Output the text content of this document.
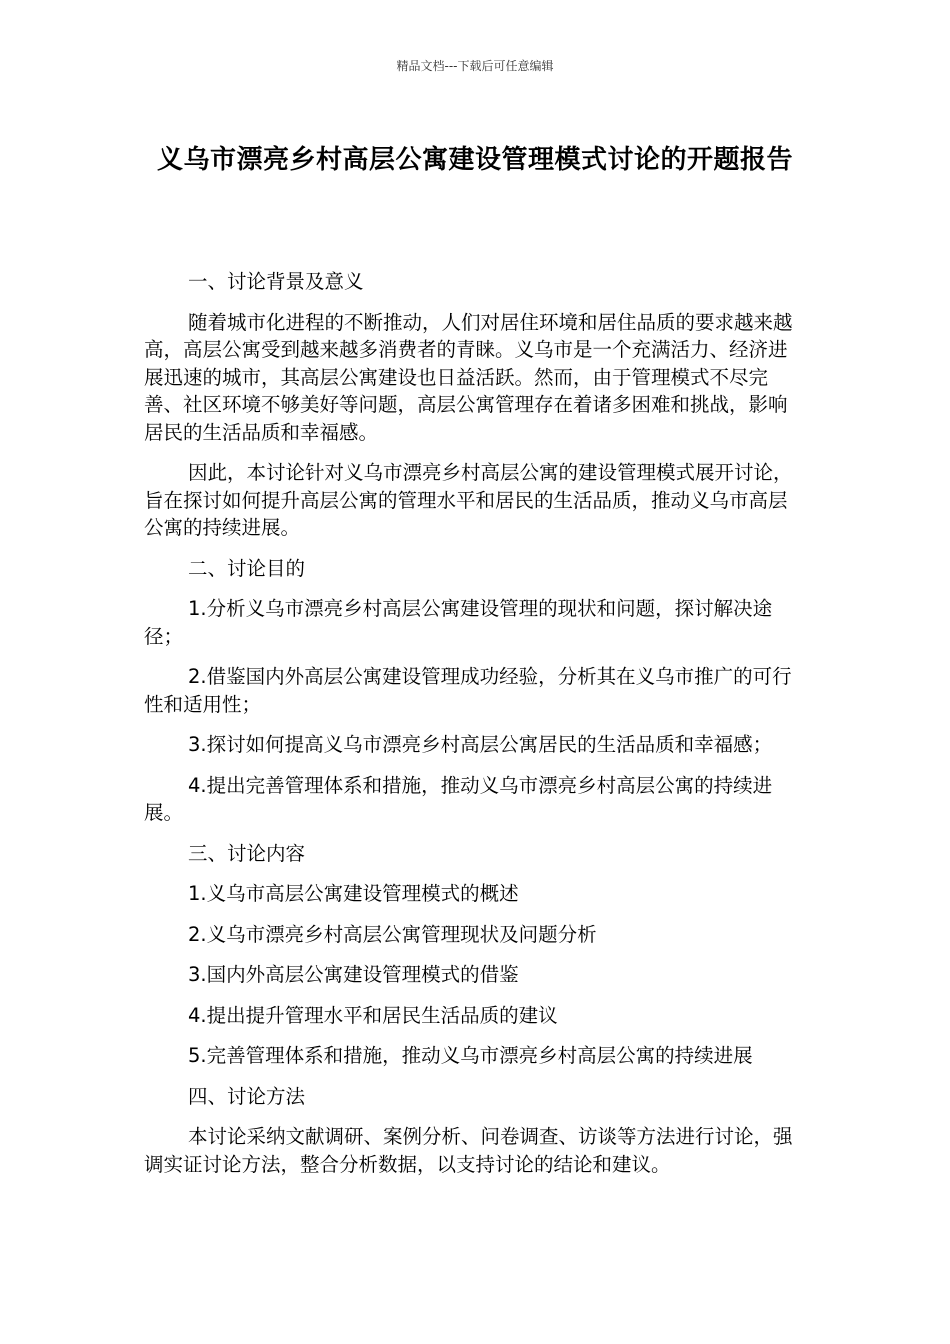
精品文档---下载后可任意编辑
义乌市漂亮乡村高层公寓建设管理模式讨论的开题报告

一、讨论背景及意义

随着城市化进程的不断推动，人们对居住环境和居住品质的要求越来越高，高层公寓受到越来越多消费者的青睐。义乌市是一个充满活力、经济进展迅速的城市，其高层公寓建设也日益活跃。然而，由于管理模式不尽完善、社区环境不够美好等问题，高层公寓管理存在着诸多困难和挑战，影响居民的生活品质和幸福感。

因此，本讨论针对义乌市漂亮乡村高层公寓的建设管理模式展开讨论，旨在探讨如何提升高层公寓的管理水平和居民的生活品质，推动义乌市高层公寓的持续进展。

二、讨论目的

1.分析义乌市漂亮乡村高层公寓建设管理的现状和问题，探讨解决途径；

2.借鉴国内外高层公寓建设管理成功经验，分析其在义乌市推广的可行性和适用性；

3.探讨如何提高义乌市漂亮乡村高层公寓居民的生活品质和幸福感；

4.提出完善管理体系和措施，推动义乌市漂亮乡村高层公寓的持续进展。

三、讨论内容

1.义乌市高层公寓建设管理模式的概述

2.义乌市漂亮乡村高层公寓管理现状及问题分析

3.国内外高层公寓建设管理模式的借鉴

4.提出提升管理水平和居民生活品质的建议

5.完善管理体系和措施，推动义乌市漂亮乡村高层公寓的持续进展

四、讨论方法

本讨论采纳文献调研、案例分析、问卷调查、访谈等方法进行讨论，强调实证讨论方法，整合分析数据，以支持讨论的结论和建议。
